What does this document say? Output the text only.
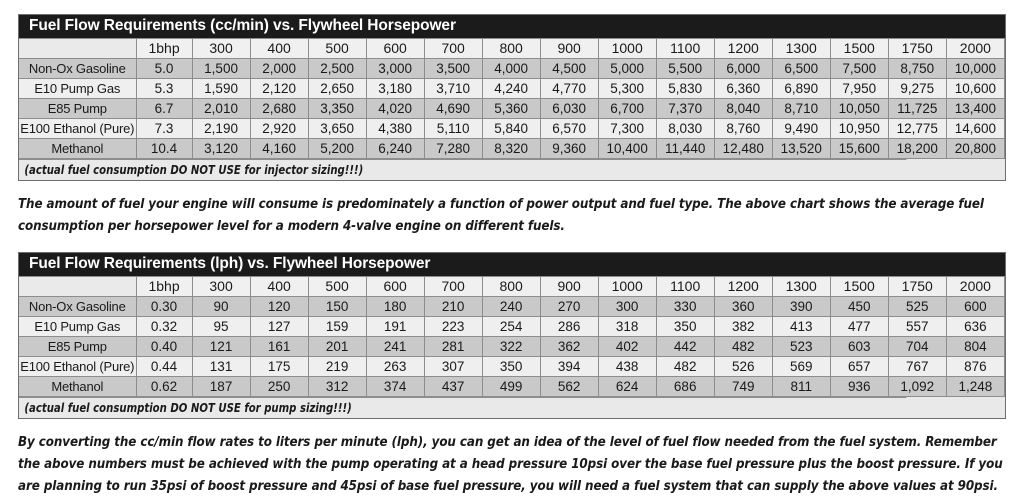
Fuel Flow Requirements (cc/min) vs. Flywheel Horsepower
	1bhp	300	400	500	600	700	800	900	1000	1100	1200	1300	1500	1750	2000
Non-Ox Gasoline	5.0	1,500	2,000	2,500	3,000	3,500	4,000	4,500	5,000	5,500	6,000	6,500	7,500	8,750	10,000
E10 Pump Gas	5.3	1,590	2,120	2,650	3,180	3,710	4,240	4,770	5,300	5,830	6,360	6,890	7,950	9,275	10,600
E85 Pump	6.7	2,010	2,680	3,350	4,020	4,690	5,360	6,030	6,700	7,370	8,040	8,710	10,050	11,725	13,400
E100 Ethanol (Pure)	7.3	2,190	2,920	3,650	4,380	5,110	5,840	6,570	7,300	8,030	8,760	9,490	10,950	12,775	14,600
Methanol	10.4	3,120	4,160	5,200	6,240	7,280	8,320	9,360	10,400	11,440	12,480	13,520	15,600	18,200	20,800
(actual fuel consumption DO NOT USE for injector sizing!!!)
The amount of fuel your engine will consume is predominately a function of power output and fuel type. The above chart shows the average fuel consumption per horsepower level for a modern 4-valve engine on different fuels.
Fuel Flow Requirements (lph) vs. Flywheel Horsepower
	1bhp	300	400	500	600	700	800	900	1000	1100	1200	1300	1500	1750	2000
Non-Ox Gasoline	0.30	90	120	150	180	210	240	270	300	330	360	390	450	525	600
E10 Pump Gas	0.32	95	127	159	191	223	254	286	318	350	382	413	477	557	636
E85 Pump	0.40	121	161	201	241	281	322	362	402	442	482	523	603	704	804
E100 Ethanol (Pure)	0.44	131	175	219	263	307	350	394	438	482	526	569	657	767	876
Methanol	0.62	187	250	312	374	437	499	562	624	686	749	811	936	1,092	1,248
(actual fuel consumption DO NOT USE for pump sizing!!!)
By converting the cc/min flow rates to liters per minute (lph), you can get an idea of the level of fuel flow needed from the fuel system. Remember the above numbers must be achieved with the pump operating at a head pressure 10psi over the base fuel pressure plus the boost pressure. If you are planning to run 35psi of boost pressure and 45psi of base fuel pressure, you will need a fuel system that can supply the above values at 90psi.
